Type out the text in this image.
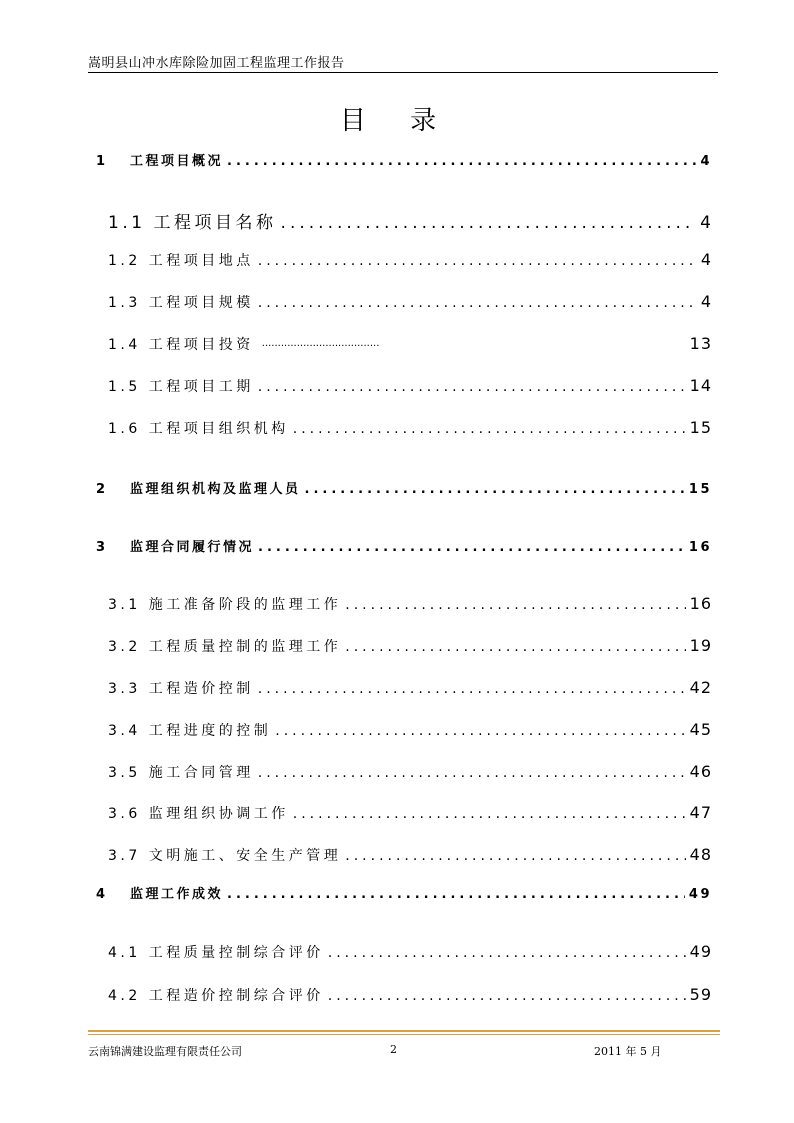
嵩明县山冲水库除险加固工程监理工作报告
目 录
1	工程项目概况 .....	4
1.1 工程项目名称 .....	4
1.2 工程项目地点 .....	4
1.3 工程项目规模 .....	4
1.4 工程项目投资 ·····	13
1.5 工程项目工期 .....	14
1.6 工程项目组织机构 .....	15
2	监理组织机构及监理人员 .....	15
3	监理合同履行情况 .....	16
3.1 施工准备阶段的监理工作 .....	16
3.2 工程质量控制的监理工作 .....	19
3.3 工程造价控制 .....	42
3.4 工程进度的控制 .....	45
3.5 施工合同管理 .....	46
3.6 监理组织协调工作 .....	47
3.7 文明施工、安全生产管理 .....	48
4	监理工作成效 .....	49
4.1 工程质量控制综合评价 .....	49
4.2 工程造价控制综合评价 .....	59
云南锦满建设监理有限责任公司	2	2011 年 5 月
